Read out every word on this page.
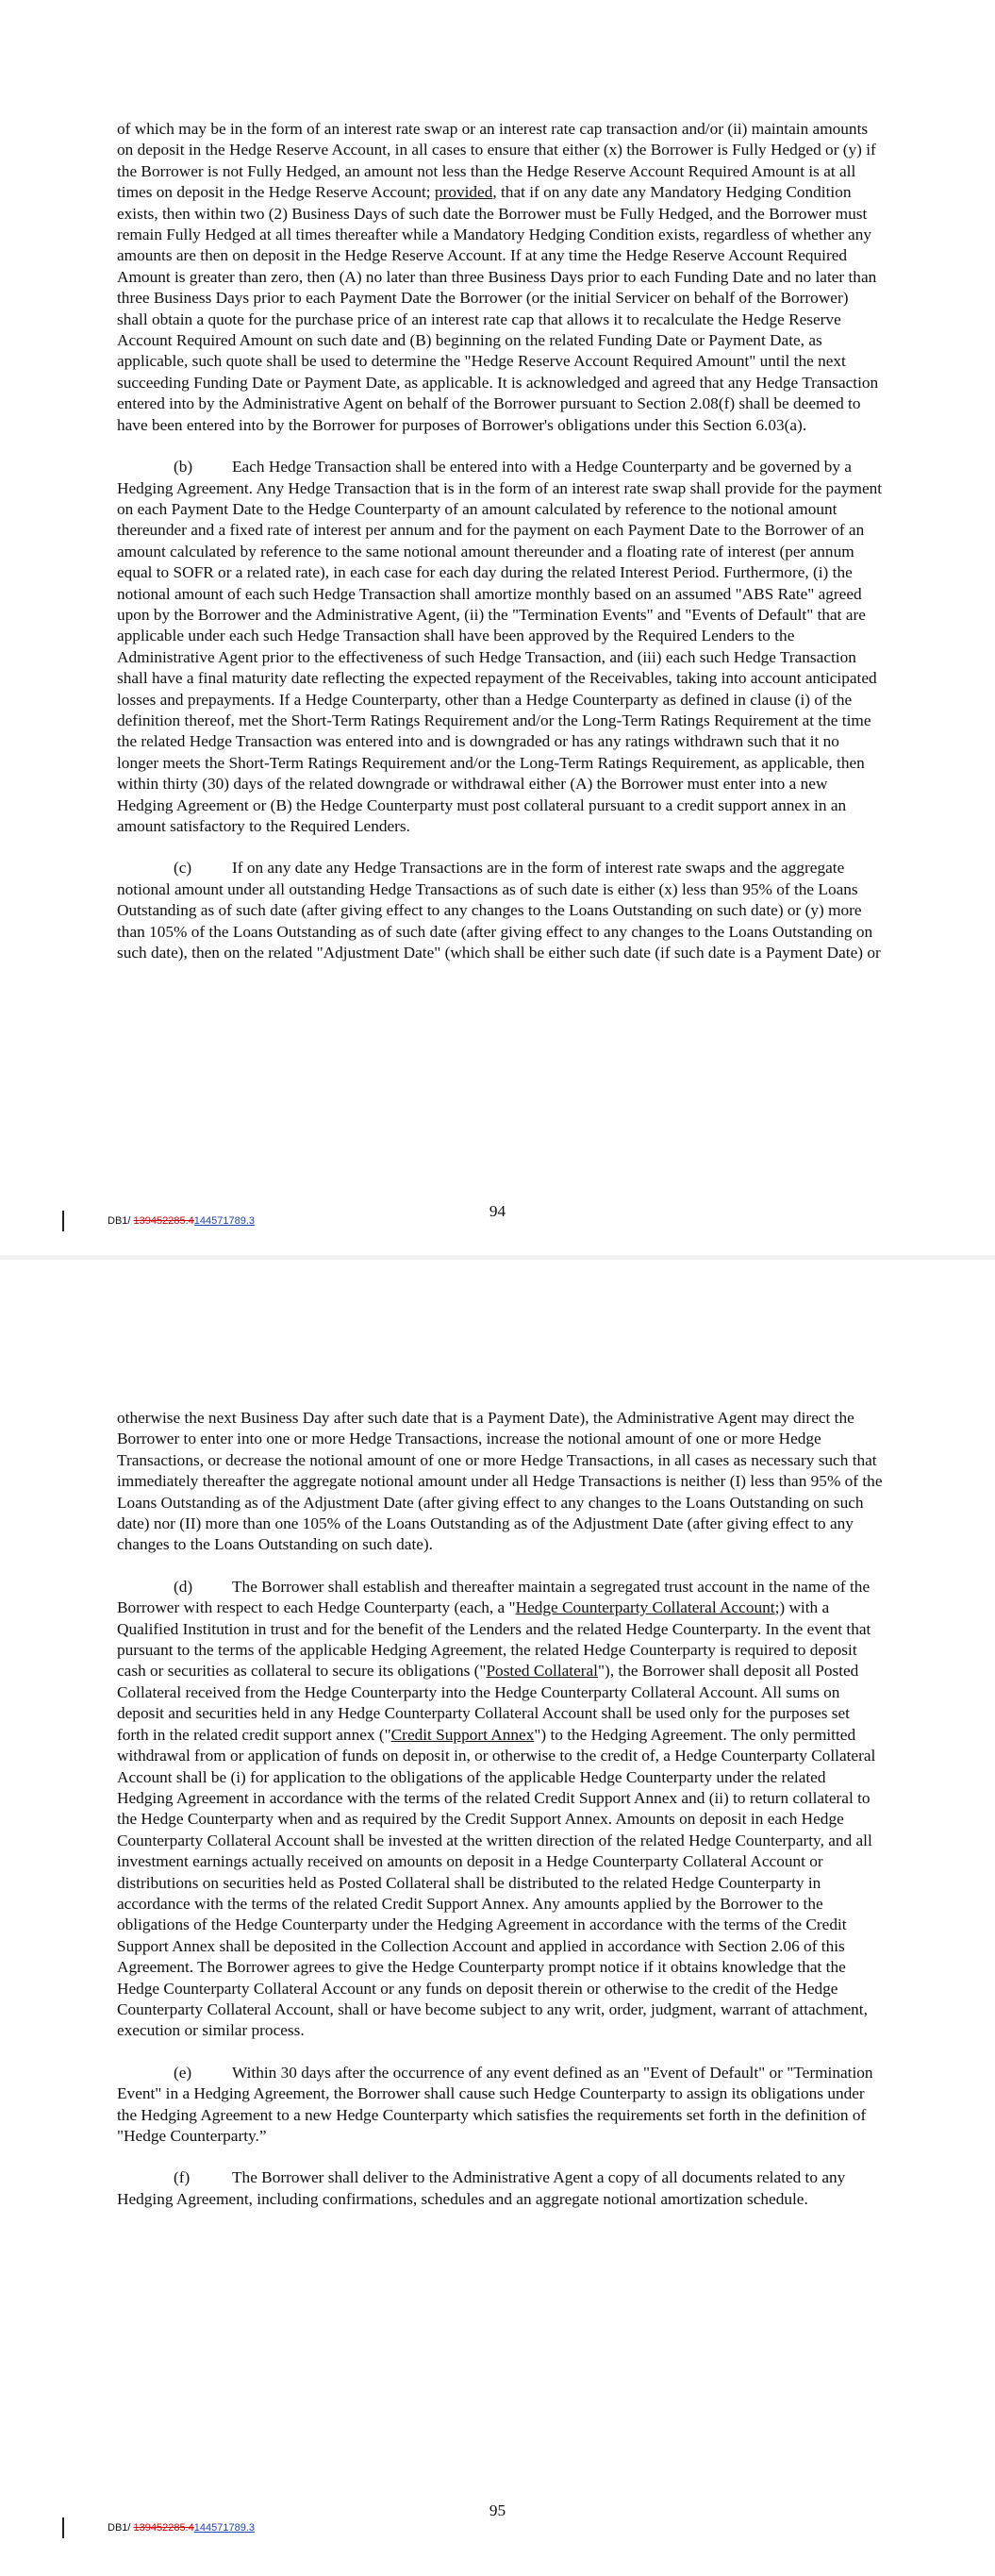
of which may be in the form of an interest rate swap or an interest rate cap transaction and/or (ii) maintain amounts on deposit in the Hedge Reserve Account, in all cases to ensure that either (x) the Borrower is Fully Hedged or (y) if the Borrower is not Fully Hedged, an amount not less than the Hedge Reserve Account Required Amount is at all times on deposit in the Hedge Reserve Account; provided, that if on any date any Mandatory Hedging Condition exists, then within two (2) Business Days of such date the Borrower must be Fully Hedged, and the Borrower must remain Fully Hedged at all times thereafter while a Mandatory Hedging Condition exists, regardless of whether any amounts are then on deposit in the Hedge Reserve Account. If at any time the Hedge Reserve Account Required Amount is greater than zero, then (A) no later than three Business Days prior to each Funding Date and no later than three Business Days prior to each Payment Date the Borrower (or the initial Servicer on behalf of the Borrower) shall obtain a quote for the purchase price of an interest rate cap that allows it to recalculate the Hedge Reserve Account Required Amount on such date and (B) beginning on the related Funding Date or Payment Date, as applicable, such quote shall be used to determine the "Hedge Reserve Account Required Amount" until the next succeeding Funding Date or Payment Date, as applicable. It is acknowledged and agreed that any Hedge Transaction entered into by the Administrative Agent on behalf of the Borrower pursuant to Section 2.08(f) shall be deemed to have been entered into by the Borrower for purposes of Borrower's obligations under this Section 6.03(a).

(b) Each Hedge Transaction shall be entered into with a Hedge Counterparty and be governed by a Hedging Agreement. Any Hedge Transaction that is in the form of an interest rate swap shall provide for the payment on each Payment Date to the Hedge Counterparty of an amount calculated by reference to the notional amount thereunder and a fixed rate of interest per annum and for the payment on each Payment Date to the Borrower of an amount calculated by reference to the same notional amount thereunder and a floating rate of interest (per annum equal to SOFR or a related rate), in each case for each day during the related Interest Period. Furthermore, (i) the notional amount of each such Hedge Transaction shall amortize monthly based on an assumed "ABS Rate" agreed upon by the Borrower and the Administrative Agent, (ii) the "Termination Events" and "Events of Default" that are applicable under each such Hedge Transaction shall have been approved by the Required Lenders to the Administrative Agent prior to the effectiveness of such Hedge Transaction, and (iii) each such Hedge Transaction shall have a final maturity date reflecting the expected repayment of the Receivables, taking into account anticipated losses and prepayments. If a Hedge Counterparty, other than a Hedge Counterparty as defined in clause (i) of the definition thereof, met the Short-Term Ratings Requirement and/or the Long-Term Ratings Requirement at the time the related Hedge Transaction was entered into and is downgraded or has any ratings withdrawn such that it no longer meets the Short-Term Ratings Requirement and/or the Long-Term Ratings Requirement, as applicable, then within thirty (30) days of the related downgrade or withdrawal either (A) the Borrower must enter into a new Hedging Agreement or (B) the Hedge Counterparty must post collateral pursuant to a credit support annex in an amount satisfactory to the Required Lenders.

(c) If on any date any Hedge Transactions are in the form of interest rate swaps and the aggregate notional amount under all outstanding Hedge Transactions as of such date is either (x) less than 95% of the Loans Outstanding as of such date (after giving effect to any changes to the Loans Outstanding on such date) or (y) more than 105% of the Loans Outstanding as of such date (after giving effect to any changes to the Loans Outstanding on such date), then on the related "Adjustment Date" (which shall be either such date (if such date is a Payment Date) or

94
DB1/ 139452285.4144571789.3

otherwise the next Business Day after such date that is a Payment Date), the Administrative Agent may direct the Borrower to enter into one or more Hedge Transactions, increase the notional amount of one or more Hedge Transactions, or decrease the notional amount of one or more Hedge Transactions, in all cases as necessary such that immediately thereafter the aggregate notional amount under all Hedge Transactions is neither (I) less than 95% of the Loans Outstanding as of the Adjustment Date (after giving effect to any changes to the Loans Outstanding on such date) nor (II) more than one 105% of the Loans Outstanding as of the Adjustment Date (after giving effect to any changes to the Loans Outstanding on such date).

(d) The Borrower shall establish and thereafter maintain a segregated trust account in the name of the Borrower with respect to each Hedge Counterparty (each, a "Hedge Counterparty Collateral Account;) with a Qualified Institution in trust and for the benefit of the Lenders and the related Hedge Counterparty. In the event that pursuant to the terms of the applicable Hedging Agreement, the related Hedge Counterparty is required to deposit cash or securities as collateral to secure its obligations ("Posted Collateral"), the Borrower shall deposit all Posted Collateral received from the Hedge Counterparty into the Hedge Counterparty Collateral Account. All sums on deposit and securities held in any Hedge Counterparty Collateral Account shall be used only for the purposes set forth in the related credit support annex ("Credit Support Annex") to the Hedging Agreement. The only permitted withdrawal from or application of funds on deposit in, or otherwise to the credit of, a Hedge Counterparty Collateral Account shall be (i) for application to the obligations of the applicable Hedge Counterparty under the related Hedging Agreement in accordance with the terms of the related Credit Support Annex and (ii) to return collateral to the Hedge Counterparty when and as required by the Credit Support Annex. Amounts on deposit in each Hedge Counterparty Collateral Account shall be invested at the written direction of the related Hedge Counterparty, and all investment earnings actually received on amounts on deposit in a Hedge Counterparty Collateral Account or distributions on securities held as Posted Collateral shall be distributed to the related Hedge Counterparty in accordance with the terms of the related Credit Support Annex. Any amounts applied by the Borrower to the obligations of the Hedge Counterparty under the Hedging Agreement in accordance with the terms of the Credit Support Annex shall be deposited in the Collection Account and applied in accordance with Section 2.06 of this Agreement. The Borrower agrees to give the Hedge Counterparty prompt notice if it obtains knowledge that the Hedge Counterparty Collateral Account or any funds on deposit therein or otherwise to the credit of the Hedge Counterparty Collateral Account, shall or have become subject to any writ, order, judgment, warrant of attachment, execution or similar process.

(e) Within 30 days after the occurrence of any event defined as an "Event of Default" or "Termination Event" in a Hedging Agreement, the Borrower shall cause such Hedge Counterparty to assign its obligations under the Hedging Agreement to a new Hedge Counterparty which satisfies the requirements set forth in the definition of "Hedge Counterparty.”

(f)	The Borrower shall deliver to the Administrative Agent a copy of all documents related to any Hedging Agreement, including confirmations, schedules and an aggregate notional amortization schedule.

95
DB1/ 139452285.4144571789.3
